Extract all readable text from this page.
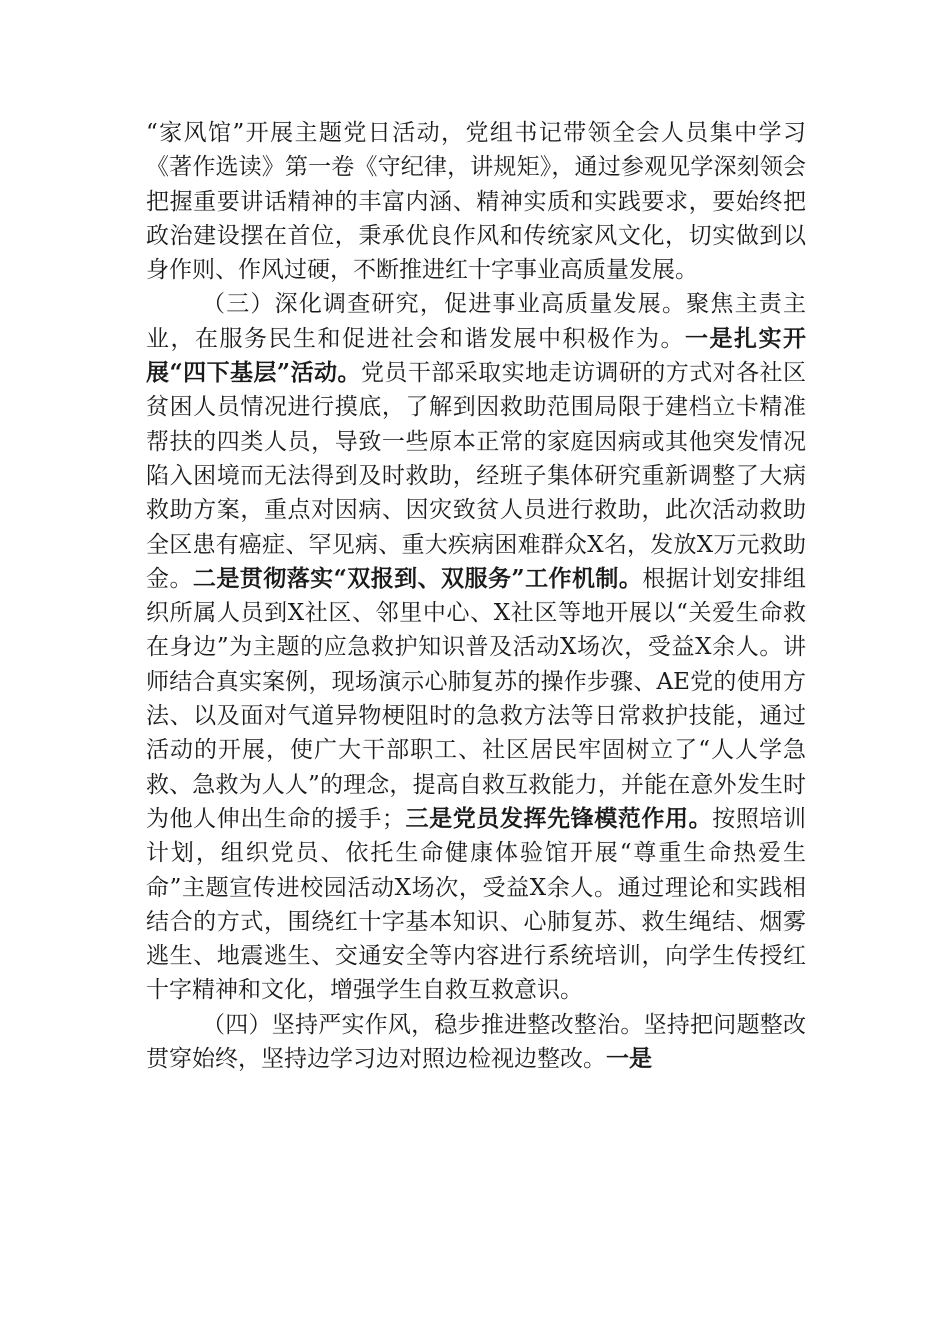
“家风馆”开展主题党日活动，党组书记带领全会人员集中学习《著作选读》第一卷《守纪律，讲规矩》，通过参观见学深刻领会把握重要讲话精神的丰富内涵、精神实质和实践要求，要始终把政治建设摆在首位，秉承优良作风和传统家风文化，切实做到以身作则、作风过硬，不断推进红十字事业高质量发展。

（三）深化调查研究，促进事业高质量发展。聚焦主责主业，在服务民生和促进社会和谐发展中积极作为。一是扎实开展“四下基层”活动。党员干部采取实地走访调研的方式对各社区贫困人员情况进行摸底，了解到因救助范围局限于建档立卡精准帮扶的四类人员，导致一些原本正常的家庭因病或其他突发情况陷入困境而无法得到及时救助，经班子集体研究重新调整了大病救助方案，重点对因病、因灾致贫人员进行救助，此次活动救助全区患有癌症、罕见病、重大疾病困难群众X名，发放X万元救助金。二是贯彻落实“双报到、双服务”工作机制。根据计划安排组织所属人员到X社区、邻里中心、X社区等地开展以“关爱生命救在身边”为主题的应急救护知识普及活动X场次，受益X余人。讲师结合真实案例，现场演示心肺复苏的操作步骤、AE党的使用方法、以及面对气道异物梗阻时的急救方法等日常救护技能，通过活动的开展，使广大干部职工、社区居民牢固树立了“人人学急救、急救为人人”的理念，提高自救互救能力，并能在意外发生时为他人伸出生命的援手；三是党员发挥先锋模范作用。按照培训计划，组织党员、依托生命健康体验馆开展“尊重生命热爱生命”主题宣传进校园活动X场次，受益X余人。通过理论和实践相结合的方式，围绕红十字基本知识、心肺复苏、救生绳结、烟雾逃生、地震逃生、交通安全等内容进行系统培训，向学生传授红十字精神和文化，增强学生自救互救意识。

（四）坚持严实作风，稳步推进整改整治。坚持把问题整改贯穿始终，坚持边学习边对照边检视边整改。一是
